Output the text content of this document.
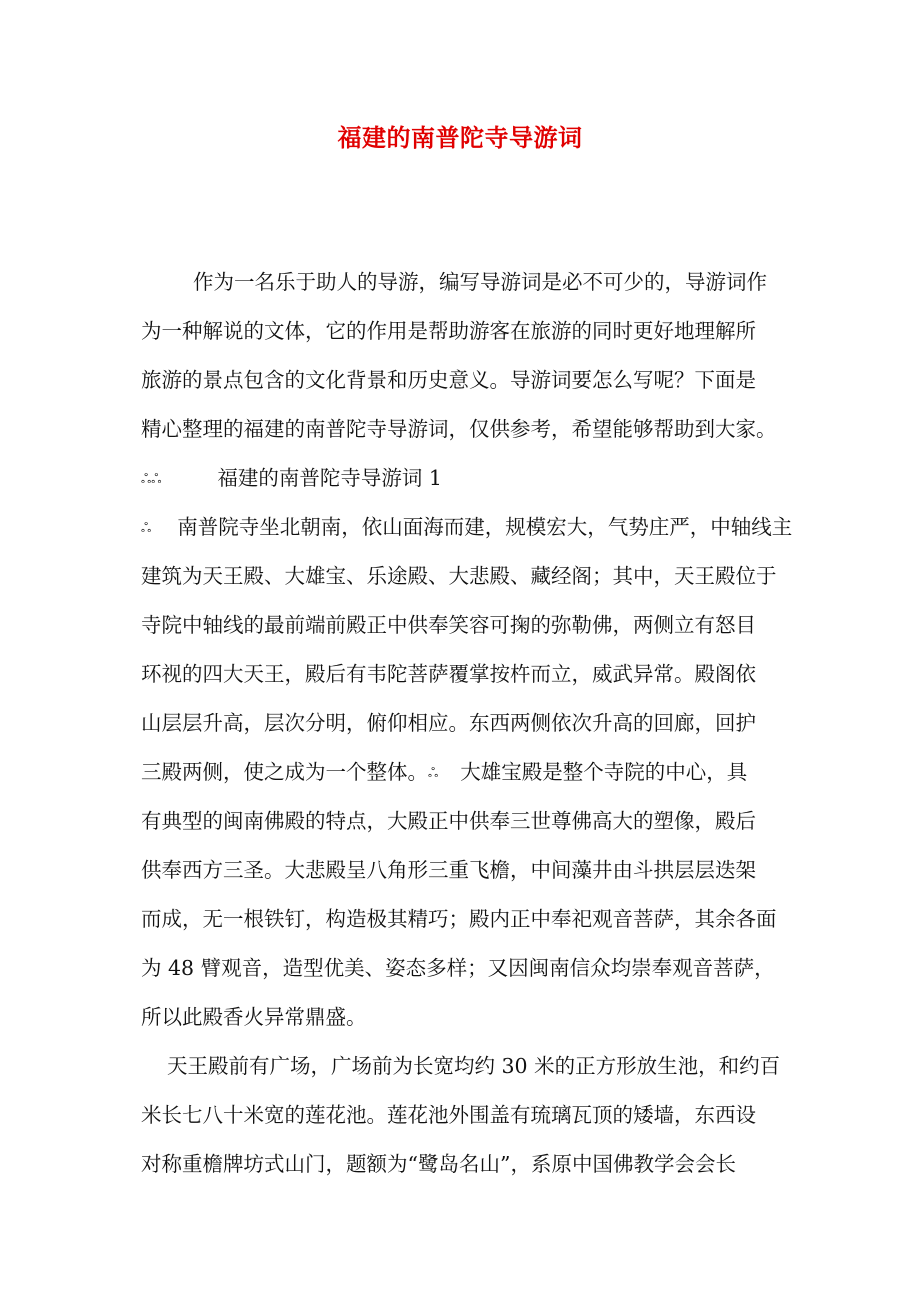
福建的南普陀寺导游词
作为一名乐于助人的导游，编写导游词是必不可少的，导游词作
为一种解说的文体，它的作用是帮助游客在旅游的同时更好地理解所
旅游的景点包含的文化背景和历史意义。导游词要怎么写呢？下面是
精心整理的福建的南普陀寺导游词，仅供参考，希望能够帮助到大家。
ஃஃ	福建的南普陀寺导游词 1
ஃ 南普院寺坐北朝南，依山面海而建，规模宏大，气势庄严，中轴线主
建筑为天王殿、大雄宝、乐途殿、大悲殿、藏经阁；其中，天王殿位于
寺院中轴线的最前端前殿正中供奉笑容可掬的弥勒佛，两侧立有怒目
环视的四大天王，殿后有韦陀菩萨覆掌按杵而立，威武异常。殿阁依
山层层升高，层次分明，俯仰相应。东西两侧依次升高的回廊，回护
三殿两侧，使之成为一个整体。ஃ 大雄宝殿是整个寺院的中心，具
有典型的闽南佛殿的特点，大殿正中供奉三世尊佛高大的塑像，殿后
供奉西方三圣。大悲殿呈八角形三重飞檐，中间藻井由斗拱层层迭架
而成，无一根铁钉，构造极其精巧；殿内正中奉祀观音菩萨，其余各面
为 48 臂观音，造型优美、姿态多样；又因闽南信众均崇奉观音菩萨，
所以此殿香火异常鼎盛。
天王殿前有广场，广场前为长宽均约 30 米的正方形放生池，和约百
米长七八十米宽的莲花池。莲花池外围盖有琉璃瓦顶的矮墙，东西设
对称重檐牌坊式山门，题额为“鹭岛名山”，系原中国佛教学会会长
